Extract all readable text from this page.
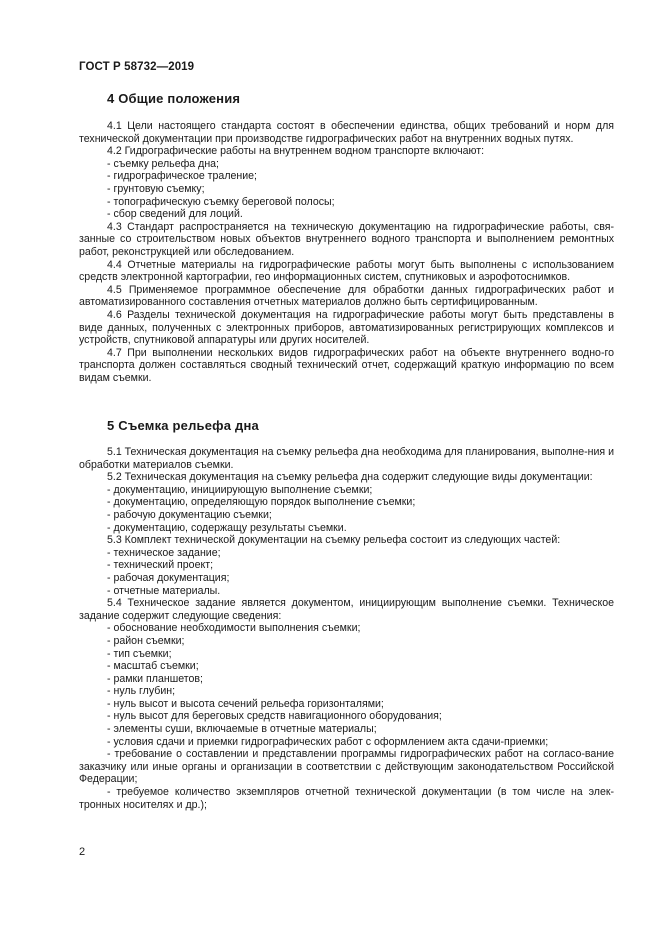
ГОСТ Р 58732—2019
4 Общие положения

4.1 Цели настоящего стандарта состоят в обеспечении единства, общих требований и норм для технической документации при производстве гидрографических работ на внутренних водных путях.

4.2 Гидрографические работы на внутреннем водном транспорте включают:

- съемку рельефа дна;

- гидрографическое траление;

- грунтовую съемку;

- топографическую съемку береговой полосы;

- сбор сведений для лоций.

4.3 Стандарт распространяется на техническую документацию на гидрографические работы, свя-занные со строительством новых объектов внутреннего водного транспорта и выполнением ремонтных работ, реконструкцией или обследованием.

4.4 Отчетные материалы на гидрографические работы могут быть выполнены с использованием средств электронной картографии, гео информационных систем, спутниковых и аэрофотоснимков.

4.5 Применяемое программное обеспечение для обработки данных гидрографических работ и автоматизированного составления отчетных материалов должно быть сертифицированным.

4.6 Разделы технической документация на гидрографические работы могут быть представлены в виде данных, полученных с электронных приборов, автоматизированных регистрирующих комплексов и устройств, спутниковой аппаратуры или других носителей.

4.7 При выполнении нескольких видов гидрографических работ на объекте внутреннего водно-го транспорта должен составляться сводный технический отчет, содержащий краткую информацию по всем видам съемки.

5 Съемка рельефа дна

5.1 Техническая документация на съемку рельефа дна необходима для планирования, выполне-ния и обработки материалов съемки.

5.2 Техническая документация на съемку рельефа дна содержит следующие виды документации:

- документацию, инициирующую выполнение съемки;

- документацию, определяющую порядок выполнение съемки;

- рабочую документацию съемки;

- документацию, содержащу результаты съемки.

5.3 Комплект технической документации на съемку рельефа состоит из следующих частей:

- техническое задание;

- технический проект;

- рабочая документация;

- отчетные материалы.

5.4 Техническое задание является документом, инициирующим выполнение съемки. Техническое задание содержит следующие сведения:

- обоснование необходимости выполнения съемки;

- район съемки;

- тип съемки;

- масштаб съемки;

- рамки планшетов;

- нуль глубин;

- нуль высот и высота сечений рельефа горизонталями;

- нуль высот для береговых средств навигационного оборудования;

- элементы суши, включаемые в отчетные материалы;

- условия сдачи и приемки гидрографических работ с оформлением акта сдачи-приемки;

- требование о составлении и представлении программы гидрографических работ на согласо-вание заказчику или иные органы и организации в соответствии с действующим законодательством Российской Федерации;

- требуемое количество экземпляров отчетной технической документации (в том числе на элек-тронных носителях и др.);

2
